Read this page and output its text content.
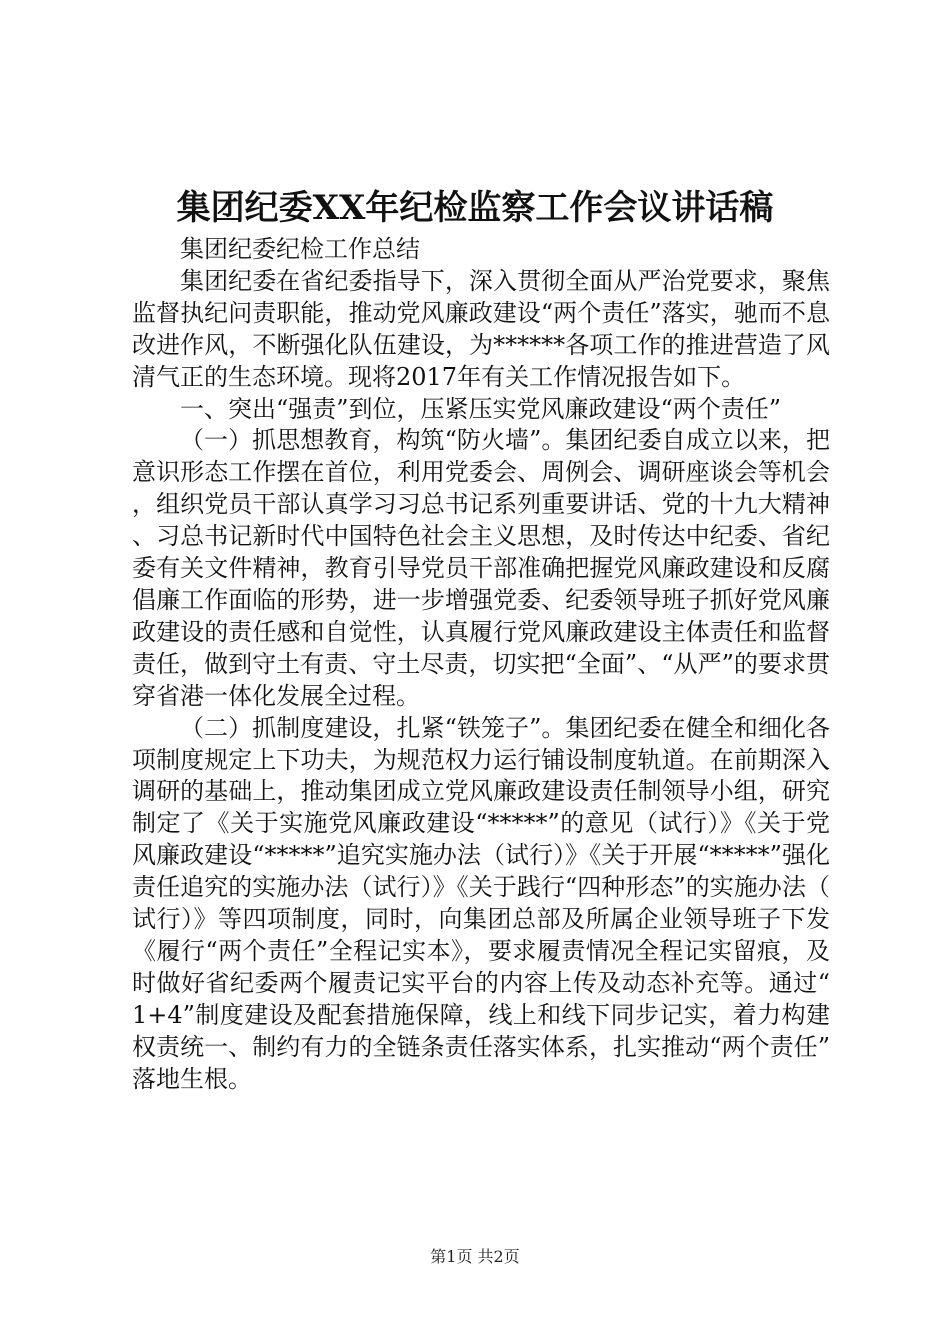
集团纪委XX年纪检监察工作会议讲话稿

集团纪委纪检工作总结

集团纪委在省纪委指导下，深入贯彻全面从严治党要求，聚焦监督执纪问责职能，推动党风廉政建设“两个责任”落实，驰而不息改进作风，不断强化队伍建设，为******各项工作的推进营造了风清气正的生态环境。现将2017年有关工作情况报告如下。

一、突出“强责”到位，压紧压实党风廉政建设“两个责任”

（一）抓思想教育，构筑“防火墙”。集团纪委自成立以来，把意识形态工作摆在首位，利用党委会、周例会、调研座谈会等机会，组织党员干部认真学习习总书记系列重要讲话、党的十九大精神、习总书记新时代中国特色社会主义思想，及时传达中纪委、省纪委有关文件精神，教育引导党员干部准确把握党风廉政建设和反腐倡廉工作面临的形势，进一步增强党委、纪委领导班子抓好党风廉政建设的责任感和自觉性，认真履行党风廉政建设主体责任和监督责任，做到守土有责、守土尽责，切实把“全面”、“从严”的要求贯穿省港一体化发展全过程。

（二）抓制度建设，扎紧“铁笼子”。集团纪委在健全和细化各项制度规定上下功夫，为规范权力运行铺设制度轨道。在前期深入调研的基础上，推动集团成立党风廉政建设责任制领导小组，研究制定了《关于实施党风廉政建设“*****”的意见（试行）》《关于党风廉政建设“*****”追究实施办法（试行）》《关于开展“*****”强化责任追究的实施办法（试行）》《关于践行“四种形态”的实施办法（试行）》等四项制度，同时，向集团总部及所属企业领导班子下发《履行“两个责任”全程记实本》，要求履责情况全程记实留痕，及时做好省纪委两个履责记实平台的内容上传及动态补充等。通过“1+4”制度建设及配套措施保障，线上和线下同步记实，着力构建权责统一、制约有力的全链条责任落实体系，扎实推动“两个责任”落地生根。

第1页 共2页
